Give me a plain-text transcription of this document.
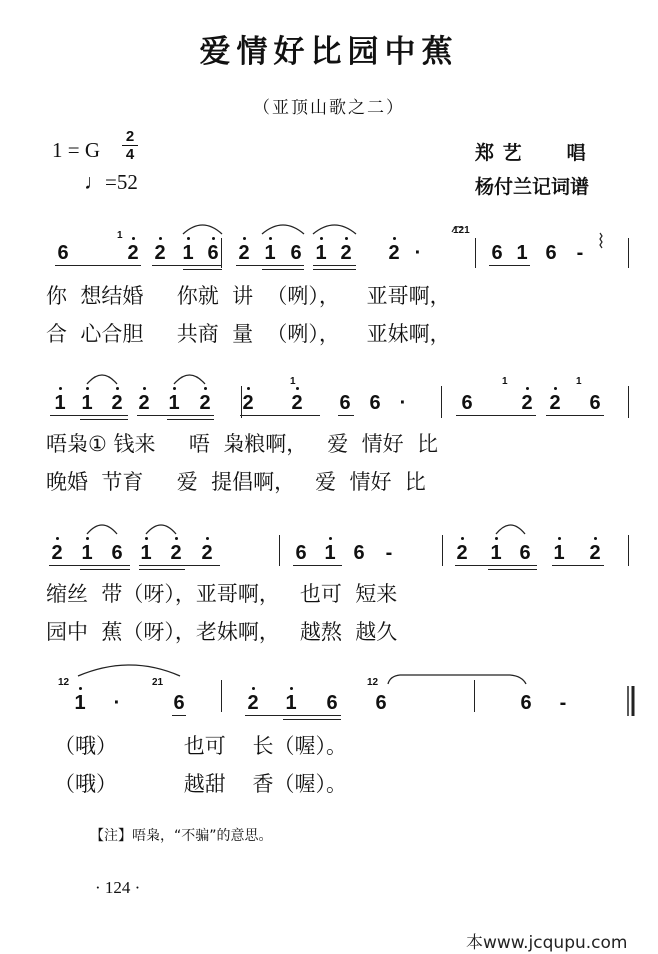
爱情好比园中蕉
（亚顶山歌之二）
1 = G
2
4
♩=52
郑 艺 唱
杨付兰记词谱
6	2 2 1 6 2 1 6 1 2 2 ·	6 1 6 -
1	121
1 1 2 2 1 2 2 2 6 6 ·	6 2 2 6
1	1	1
2 1 6 1 2 2	6 1 6 -	2 1 6 1 2
1 ·	6	2 1 6 6	6 -
12	21	12
你  想结婚     你就  讲  （咧），    亚哥啊，
合  心合胆     共商  量  （咧），    亚妹啊，
唔枭① 钱来     唔  枭粮啊，   爱  情好  比
晚婚  节育     爱  提倡啊，   爱  情好  比
缩丝  带（呀），亚哥啊，   也可  短来
园中  蕉（呀），老妹啊，   越熬  越久
（哦）          也可    长（喔）。
（哦）          越甜    香（喔）。
【注】唔枭，“不骗”的意思。
· 124 ·
本www.jcqupu.com
